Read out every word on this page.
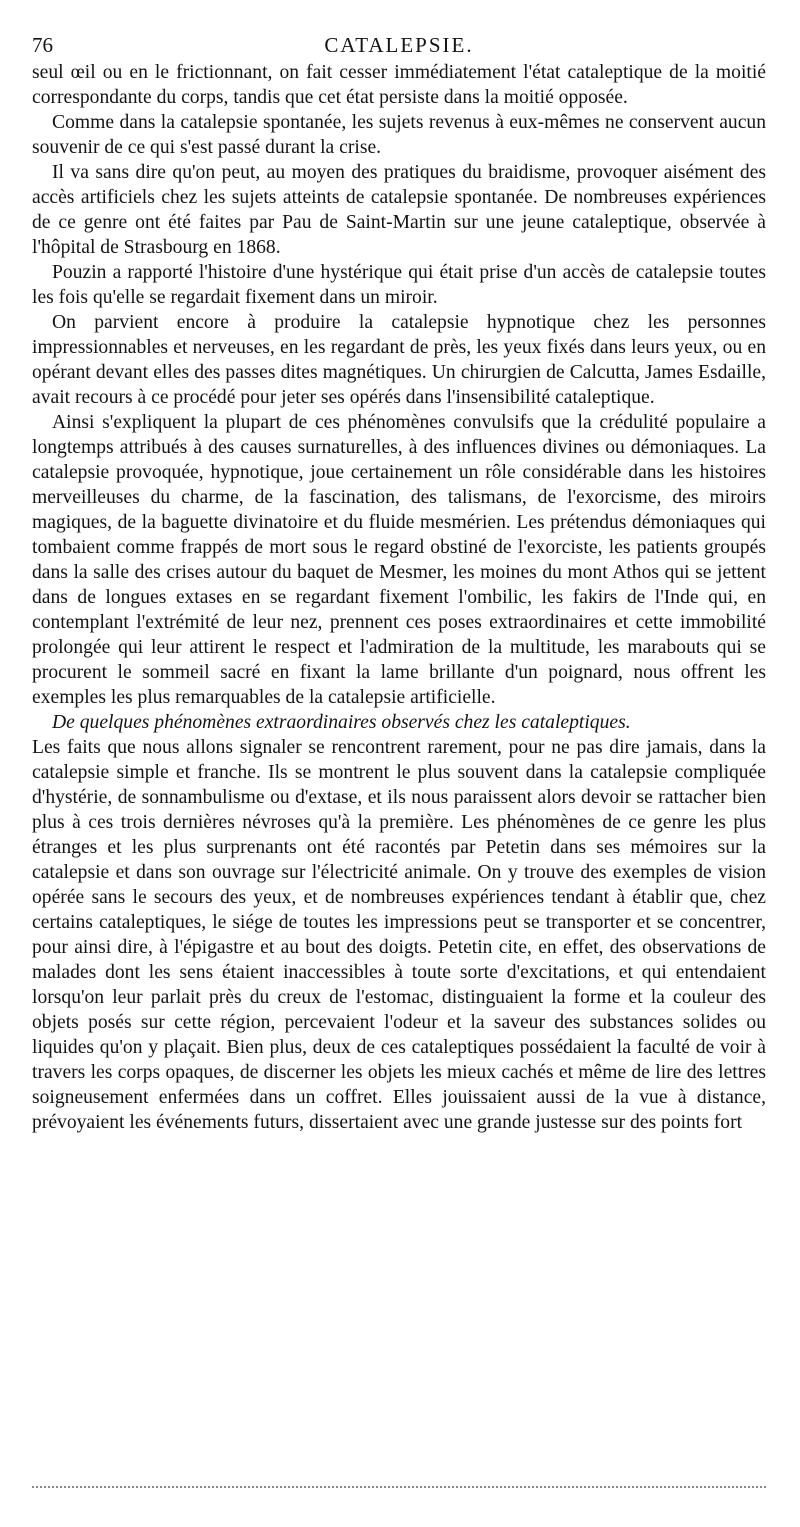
76	CATALEPSIE.

seul œil ou en le frictionnant, on fait cesser immédiatement l'état cataleptique de la moitié correspondante du corps, tandis que cet état persiste dans la moitié opposée.

Comme dans la catalepsie spontanée, les sujets revenus à eux-mêmes ne conservent aucun souvenir de ce qui s'est passé durant la crise.

Il va sans dire qu'on peut, au moyen des pratiques du braidisme, provoquer aisément des accès artificiels chez les sujets atteints de catalepsie spontanée. De nombreuses expériences de ce genre ont été faites par Pau de Saint-Martin sur une jeune cataleptique, observée à l'hôpital de Strasbourg en 1868.

Pouzin a rapporté l'histoire d'une hystérique qui était prise d'un accès de catalepsie toutes les fois qu'elle se regardait fixement dans un miroir.

On parvient encore à produire la catalepsie hypnotique chez les personnes impressionnables et nerveuses, en les regardant de près, les yeux fixés dans leurs yeux, ou en opérant devant elles des passes dites magnétiques. Un chirurgien de Calcutta, James Esdaille, avait recours à ce procédé pour jeter ses opérés dans l'insensibilité cataleptique.

Ainsi s'expliquent la plupart de ces phénomènes convulsifs que la crédulité populaire a longtemps attribués à des causes surnaturelles, à des influences divines ou démoniaques. La catalepsie provoquée, hypnotique, joue certainement un rôle considérable dans les histoires merveilleuses du charme, de la fascination, des talismans, de l'exorcisme, des miroirs magiques, de la baguette divinatoire et du fluide mesmérien. Les prétendus démoniaques qui tombaient comme frappés de mort sous le regard obstiné de l'exorciste, les patients groupés dans la salle des crises autour du baquet de Mesmer, les moines du mont Athos qui se jettent dans de longues extases en se regardant fixement l'ombilic, les fakirs de l'Inde qui, en contemplant l'extrémité de leur nez, prennent ces poses extraordinaires et cette immobilité prolongée qui leur attirent le respect et l'admiration de la multitude, les marabouts qui se procurent le sommeil sacré en fixant la lame brillante d'un poignard, nous offrent les exemples les plus remarquables de la catalepsie artificielle.

De quelques phénomènes extraordinaires observés chez les cataleptiques.
Les faits que nous allons signaler se rencontrent rarement, pour ne pas dire jamais, dans la catalepsie simple et franche. Ils se montrent le plus souvent dans la catalepsie compliquée d'hystérie, de sonnambulisme ou d'extase, et ils nous paraissent alors devoir se rattacher bien plus à ces trois dernières névroses qu'à la première. Les phénomènes de ce genre les plus étranges et les plus surprenants ont été racontés par Petetin dans ses mémoires sur la catalepsie et dans son ouvrage sur l'électricité animale. On y trouve des exemples de vision opérée sans le secours des yeux, et de nombreuses expériences tendant à établir que, chez certains cataleptiques, le siége de toutes les impressions peut se transporter et se concentrer, pour ainsi dire, à l'épigastre et au bout des doigts. Petetin cite, en effet, des observations de malades dont les sens étaient inaccessibles à toute sorte d'excitations, et qui entendaient lorsqu'on leur parlait près du creux de l'estomac, distinguaient la forme et la couleur des objets posés sur cette région, percevaient l'odeur et la saveur des substances solides ou liquides qu'on y plaçait. Bien plus, deux de ces cataleptiques possédaient la faculté de voir à travers les corps opaques, de discerner les objets les mieux cachés et même de lire des lettres soigneusement enfermées dans un coffret. Elles jouissaient aussi de la vue à distance, prévoyaient les événements futurs, dissertaient avec une grande justesse sur des points fort
